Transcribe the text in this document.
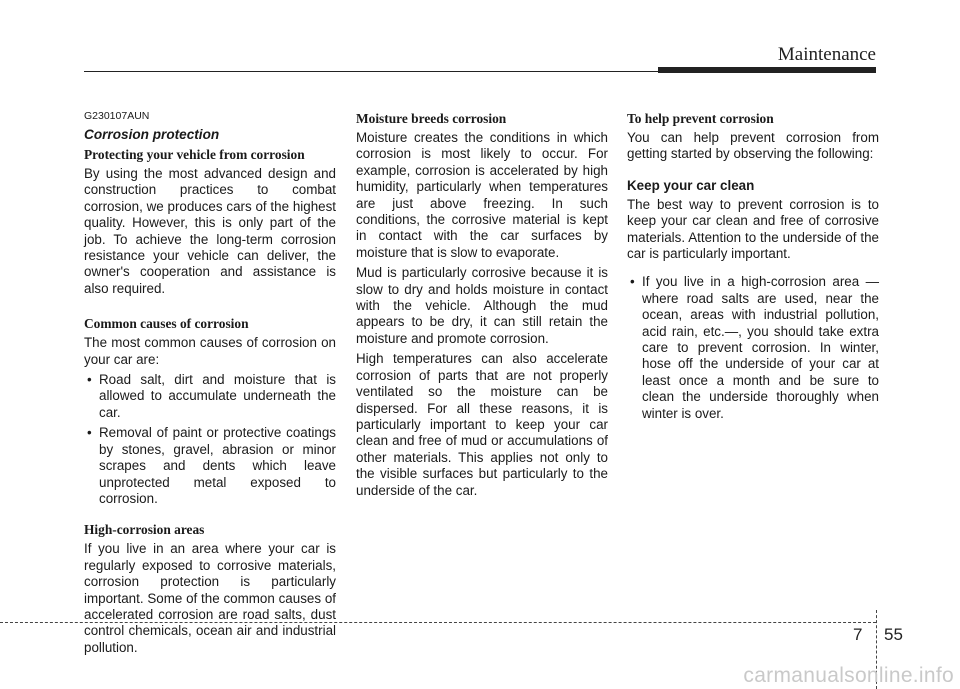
Maintenance
G230107AUN
Corrosion protection
Protecting your vehicle from corrosion

By using the most advanced design and construction practices to combat corrosion, we produces cars of the highest quality. However, this is only part of the job. To achieve the long-term corrosion resistance your vehicle can deliver, the owner's cooperation and assistance is also required.

Common causes of corrosion

The most common causes of corrosion on your car are:

• Road salt, dirt and moisture that is allowed to accumulate underneath the car.
• Removal of paint or protective coatings by stones, gravel, abrasion or minor scrapes and dents which leave unprotected metal exposed to corrosion.
High-corrosion areas

If you live in an area where your car is regularly exposed to corrosive materials, corrosion protection is particularly important. Some of the common causes of accelerated corrosion are road salts, dust control chemicals, ocean air and industrial pollution.

Moisture breeds corrosion

Moisture creates the conditions in which corrosion is most likely to occur. For example, corrosion is accelerated by high humidity, particularly when temperatures are just above freezing. In such conditions, the corrosive material is kept in contact with the car surfaces by moisture that is slow to evaporate.

Mud is particularly corrosive because it is slow to dry and holds moisture in contact with the vehicle. Although the mud appears to be dry, it can still retain the moisture and promote corrosion.

High temperatures can also accelerate corrosion of parts that are not properly ventilated so the moisture can be dispersed. For all these reasons, it is particularly important to keep your car clean and free of mud or accumulations of other materials. This applies not only to the visible surfaces but particularly to the underside of the car.

To help prevent corrosion

You can help prevent corrosion from getting started by observing the following:

Keep your car clean

The best way to prevent corrosion is to keep your car clean and free of corrosive materials. Attention to the underside of the car is particularly important.

• If you live in a high-corrosion area — where road salts are used, near the ocean, areas with industrial pollution, acid rain, etc.—, you should take extra care to prevent corrosion. In winter, hose off the underside of your car at least once a month and be sure to clean the underside thoroughly when winter is over.
7 55
carmanualsonline.info
